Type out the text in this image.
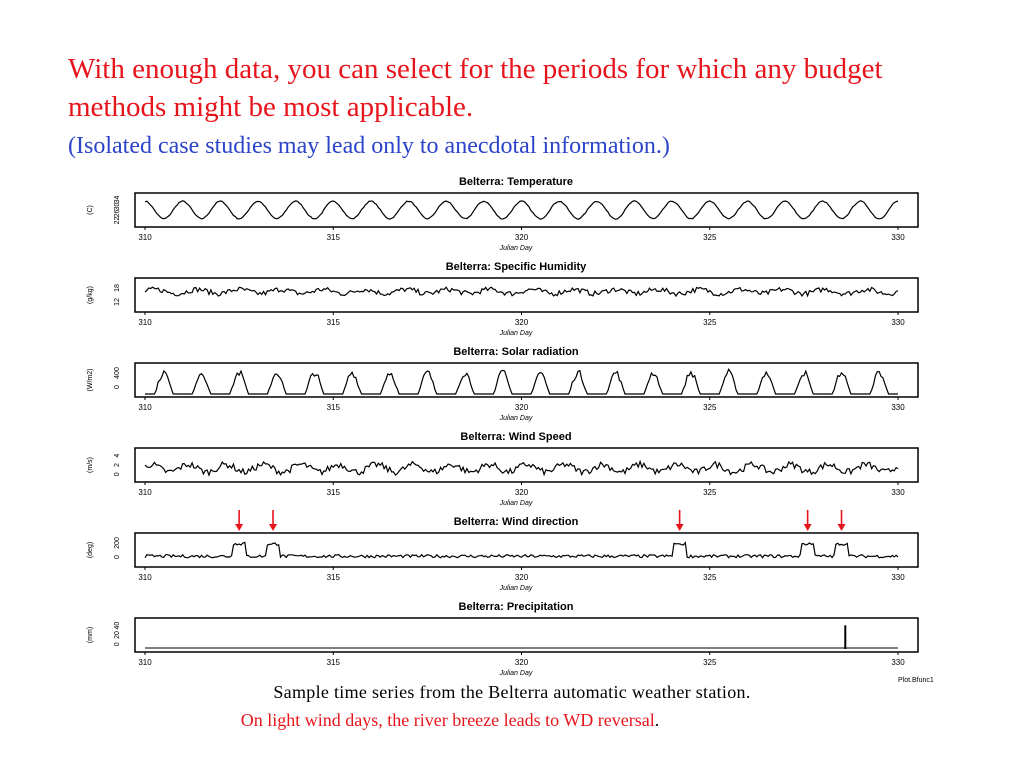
With enough data, you can select for the periods for which any budget methods might be most applicable.
(Isolated case studies may lead only to anecdotal information.)
Belterra: Temperature
310	315	320	325	330
Julian Day
22
26
30
34
(C)
Belterra: Specific Humidity
310	315	320	325	330
Julian Day
12
18
(g/kg)
Belterra: Solar radiation
310	315	320	325	330
Julian Day
0
400
(W/m2)
Belterra: Wind Speed
310	315	320	325	330
Julian Day
0
2
4
(m/s)
Belterra: Wind direction
310	315	320	325	330
Julian Day
0
200
(deg)
Belterra: Precipitation
310	315	320	325	330
Julian Day
0
20
40
(mm)
Plot.Bfunc1
Sample time series from the Belterra automatic weather station.
On light wind days, the river breeze leads to WD reversal.
